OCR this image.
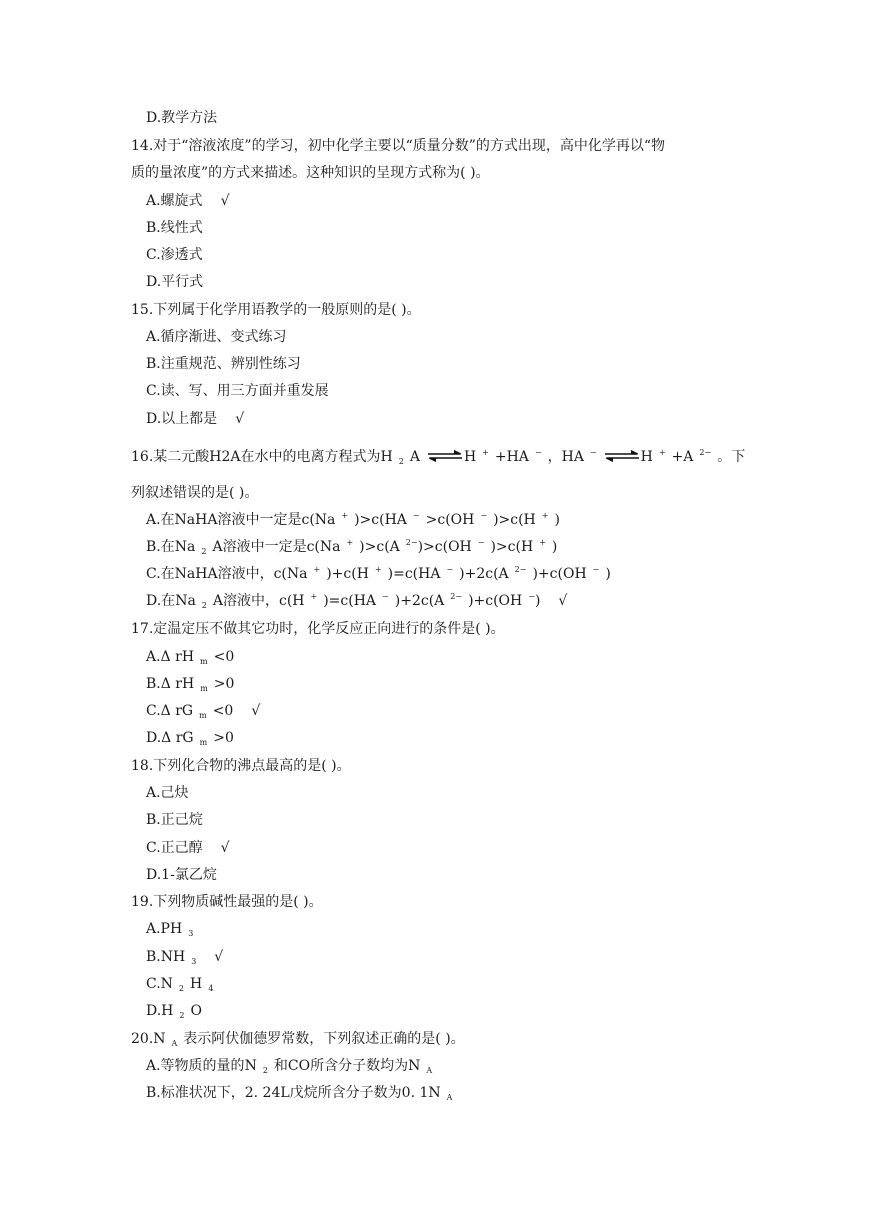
D.教学方法
14.对于“溶液浓度”的学习，初中化学主要以“质量分数”的方式出现，高中化学再以“物
质的量浓度”的方式来描述。这种知识的呈现方式称为( )。
A.螺旋式 √
B.线性式
C.渗透式
D.平行式
15.下列属于化学用语教学的一般原则的是( )。
A.循序渐进、变式练习
B.注重规范、辨别性练习
C.读、写、用三方面并重发展
D.以上都是 √
16.某二元酸H2A在水中的电离方程式为H $_2$ A ⇌H + +HA − ，HA − ⇌H + +A $^{2-}$ 。下
列叙述错误的是( )。
A.在NaHA溶液中一定是c(Na + )>c(HA − >c(OH − )>c(H + )
B.在Na $_2$ A溶液中一定是c(Na + )>c(A $^{2-}$)>c(OH − )>c(H + )
C.在NaHA溶液中，c(Na + )+c(H + )=c(HA − )+2c(A $^{2-}$ )+c(OH − )
D.在Na $_2$ A溶液中，c(H + )=c(HA − )+2c(A $^{2-}$ )+c(OH −) √
17.定温定压不做其它功时，化学反应正向进行的条件是( )。
A.Δ rH $_m$ <0
B.Δ rH $_m$ >0
C.Δ rG $_m$ <0 √
D.Δ rG $_m$ >0
18.下列化合物的沸点最高的是( )。
A.己炔
B.正己烷
C.正己醇 √
D.1-氯乙烷
19.下列物质碱性最强的是( )。
A.PH $_3$
B.NH $_3$ √
C.N $_2$ H $_4$
D.H $_2$ O
20.N $_A$ 表示阿伏伽德罗常数，下列叙述正确的是( )。
A.等物质的量的N $_2$ 和CO所含分子数均为N $_A$
B.标准状况下，2. 24L戊烷所含分子数为0. 1N $_A$
